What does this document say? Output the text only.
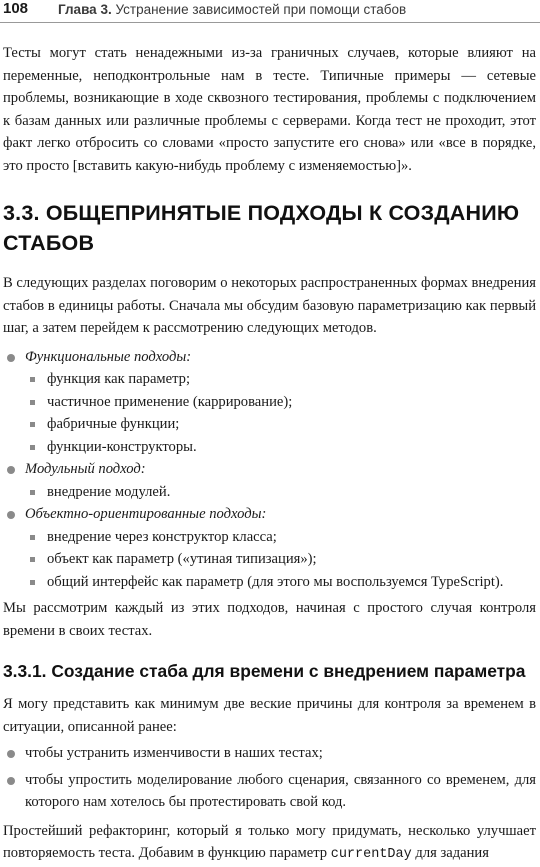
108 Глава 3. Устранение зависимостей при помощи стабов

Тесты могут стать ненадежными из-за граничных случаев, которые влияют на переменные, неподконтрольные нам в тесте. Типичные примеры — сетевые проблемы, возникающие в ходе сквозного тестирования, проблемы с подключением к базам данных или различные проблемы с серверами. Когда тест не проходит, этот факт легко отбросить со словами «просто запустите его снова» или «все в порядке, это просто [вставить какую-нибудь проблему с изменяемостью]».

3.3. ОБЩЕПРИНЯТЫЕ ПОДХОДЫ К СОЗДАНИЮ СТАБОВ

В следующих разделах поговорим о некоторых распространенных формах внедрения стабов в единицы работы. Сначала мы обсудим базовую параметризацию как первый шаг, а затем перейдем к рассмотрению следующих методов.

Функциональные подходы:
функция как параметр;
частичное применение (каррирование);
фабричные функции;
функции-конструкторы.
Модульный подход:
внедрение модулей.
Объектно-ориентированные подходы:
внедрение через конструктор класса;
объект как параметр («утиная типизация»);
общий интерфейс как параметр (для этого мы воспользуемся TypeScript).

Мы рассмотрим каждый из этих подходов, начиная с простого случая контроля времени в своих тестах.

3.3.1. Создание стаба для времени с внедрением параметра

Я могу представить как минимум две веские причины для контроля за временем в ситуации, описанной ранее:

чтобы устранить изменчивости в наших тестах;
чтобы упростить моделирование любого сценария, связанного со временем, для которого нам хотелось бы протестировать свой код.

Простейший рефакторинг, который я только могу придумать, несколько улучшает повторяемость теста. Добавим в функцию параметр currentDay для задания
